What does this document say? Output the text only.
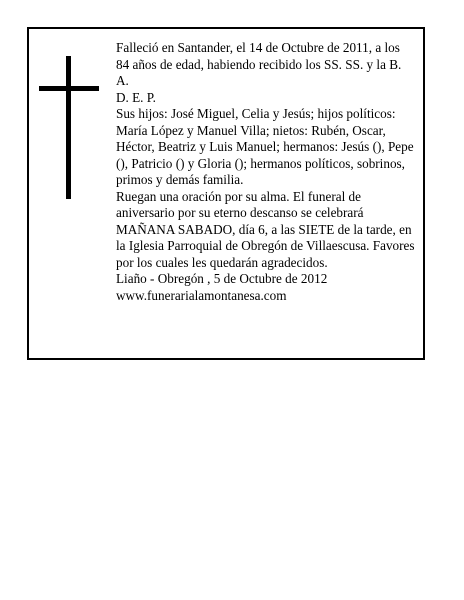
Falleció en Santander, el 14 de Octubre de 2011, a los 84 años de edad, habiendo recibido los SS. SS. y la B. A.

D. E. P.

Sus hijos: José Miguel, Celia y Jesús; hijos políticos: María López y Manuel Villa; nietos: Rubén, Oscar, Héctor, Beatriz y Luis Manuel; hermanos: Jesús (), Pepe (), Patricio () y Gloria (); hermanos políticos, sobrinos, primos y demás familia.

Ruegan una oración por su alma. El funeral de aniversario por su eterno descanso se celebrará MAÑANA SABADO, día 6, a las SIETE de la tarde, en la Iglesia Parroquial de Obregón de Villaescusa. Favores por los cuales les quedarán agradecidos.

Liaño - Obregón , 5 de Octubre de 2012

www.funerarialamontanesa.com
